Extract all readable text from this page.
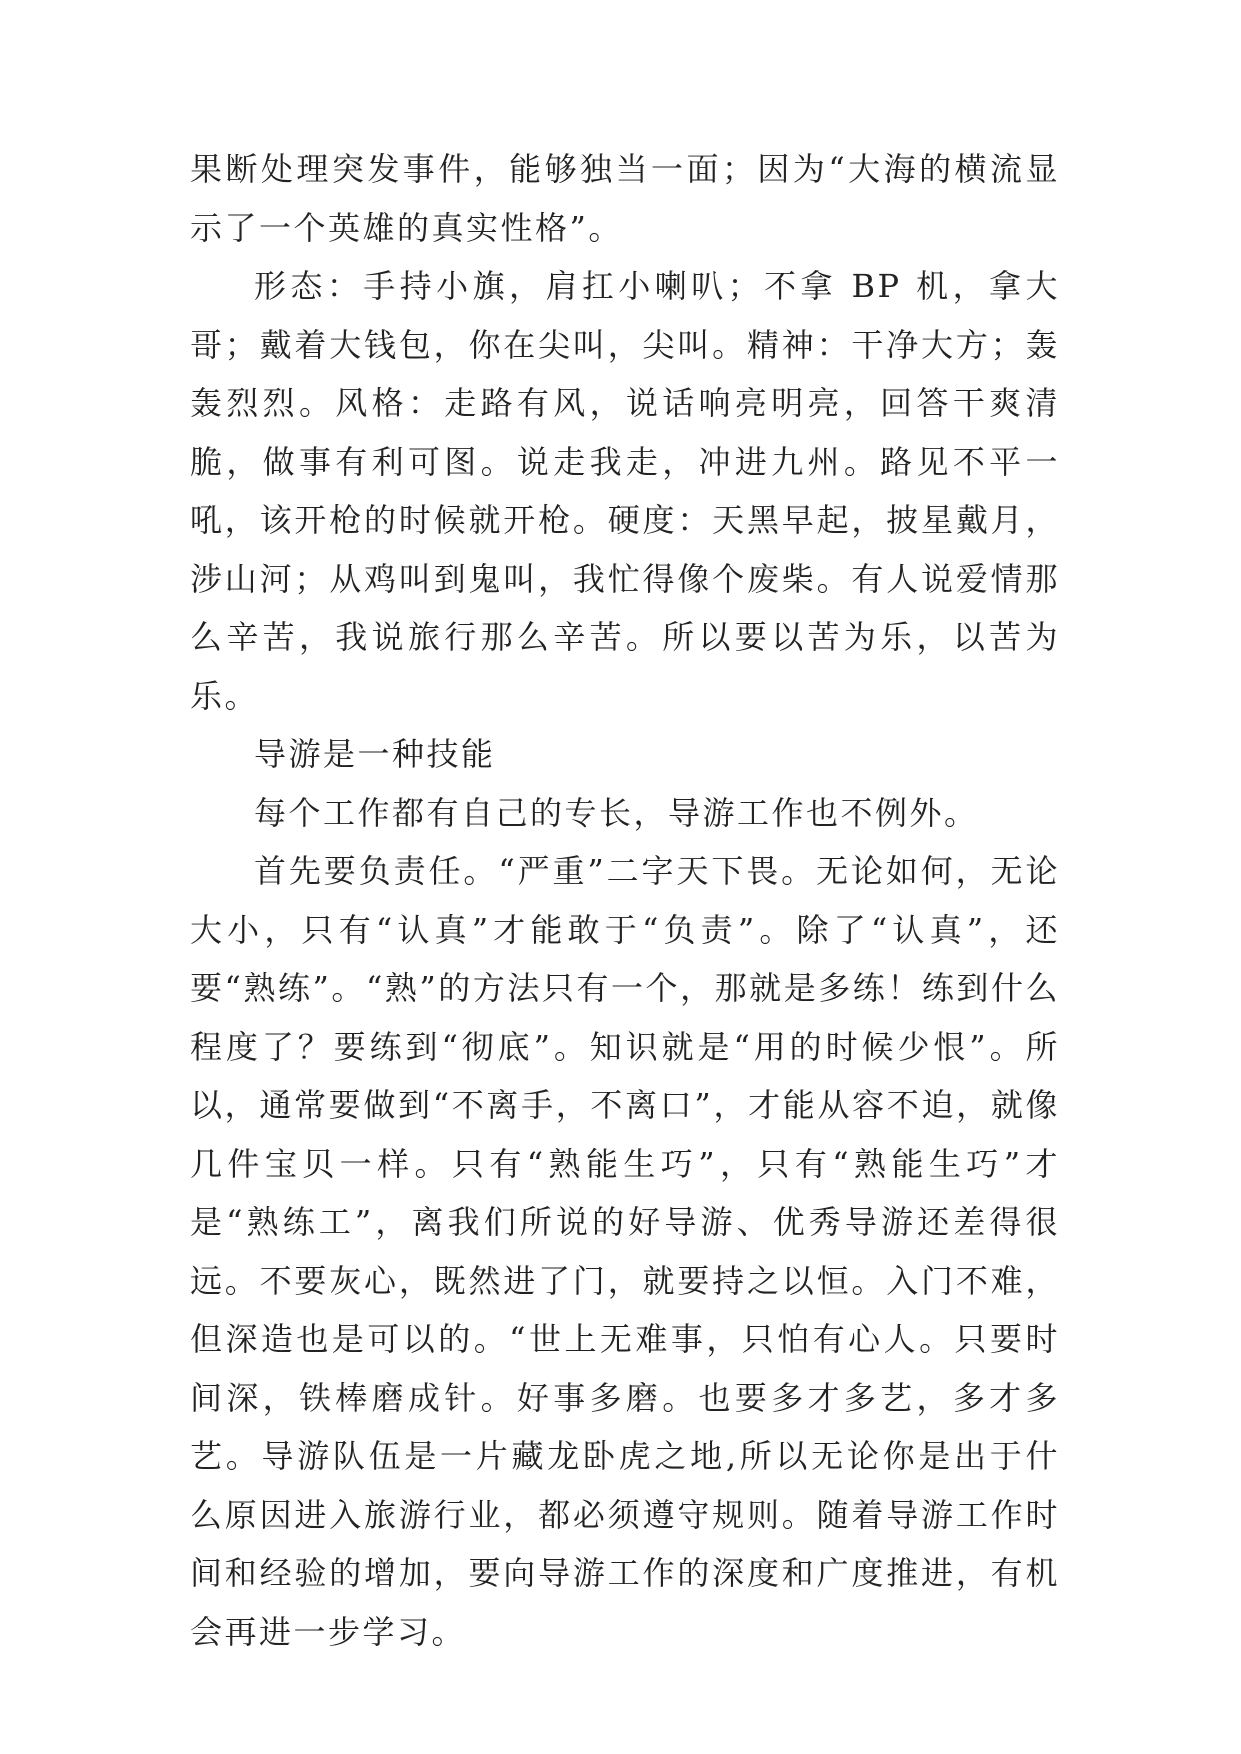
果断处理突发事件，能够独当一面；因为“大海的横流显示了一个英雄的真实性格”。

形态：手持小旗，肩扛小喇叭；不拿 BP 机，拿大哥；戴着大钱包，你在尖叫，尖叫。精神：干净大方；轰轰烈烈。风格：走路有风，说话响亮明亮，回答干爽清脆，做事有利可图。说走我走，冲进九州。路见不平一吼，该开枪的时候就开枪。硬度：天黑早起，披星戴月，涉山河；从鸡叫到鬼叫，我忙得像个废柴。有人说爱情那么辛苦，我说旅行那么辛苦。所以要以苦为乐，以苦为乐。

导游是一种技能

每个工作都有自己的专长，导游工作也不例外。

首先要负责任。“严重”二字天下畏。无论如何，无论大小，只有“认真”才能敢于“负责”。除了“认真”，还要“熟练”。“熟”的方法只有一个，那就是多练！练到什么程度了？要练到“彻底”。知识就是“用的时候少恨”。所以，通常要做到“不离手，不离口”，才能从容不迫，就像几件宝贝一样。只有“熟能生巧”，只有“熟能生巧”才是“熟练工”，离我们所说的好导游、优秀导游还差得很远。不要灰心，既然进了门，就要持之以恒。入门不难，但深造也是可以的。“世上无难事，只怕有心人。只要时间深，铁棒磨成针。好事多磨。也要多才多艺，多才多艺。导游队伍是一片藏龙卧虎之地,所以无论你是出于什么原因进入旅游行业，都必须遵守规则。随着导游工作时间和经验的增加，要向导游工作的深度和广度推进，有机会再进一步学习。
